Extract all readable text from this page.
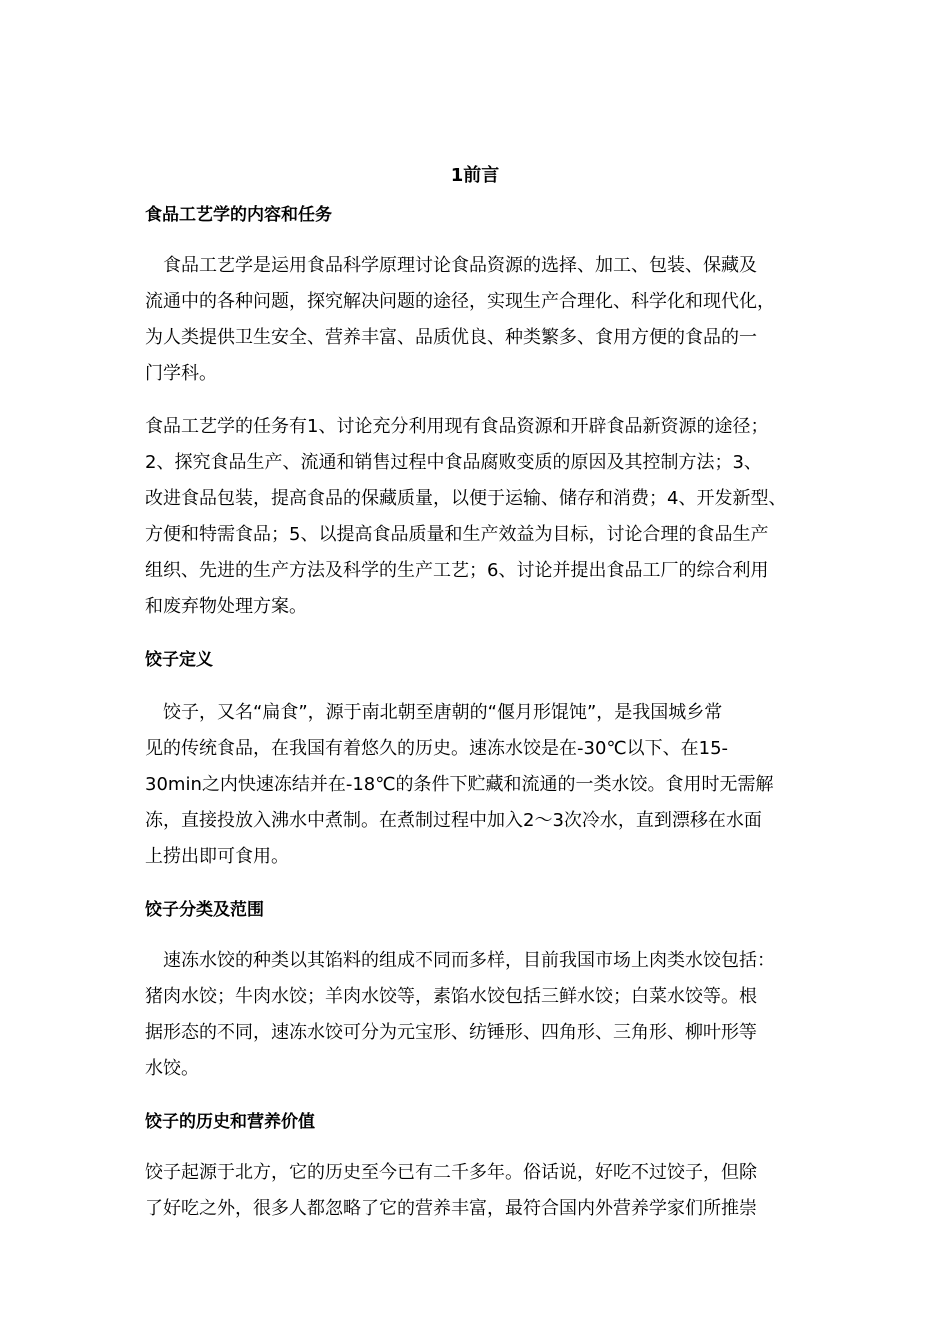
1前言
食品工艺学的内容和任务
食品工艺学是运用食品科学原理讨论食品资源的选择、加工、包装、保藏及
流通中的各种问题，探究解决问题的途径，实现生产合理化、科学化和现代化，
为人类提供卫生安全、营养丰富、品质优良、种类繁多、食用方便的食品的一
门学科。
食品工艺学的任务有1、讨论充分利用现有食品资源和开辟食品新资源的途径；
2、探究食品生产、流通和销售过程中食品腐败变质的原因及其控制方法；3、
改进食品包装，提高食品的保藏质量，以便于运输、储存和消费；4、开发新型、
方便和特需食品；5、以提高食品质量和生产效益为目标，讨论合理的食品生产
组织、先进的生产方法及科学的生产工艺；6、讨论并提出食品工厂的综合利用
和废弃物处理方案。
饺子定义
饺子，又名“扁食”，源于南北朝至唐朝的“偃月形馄饨”，是我国城乡常
见的传统食品，在我国有着悠久的历史。速冻水饺是在-30℃以下、在15-
30min之内快速冻结并在-18℃的条件下贮藏和流通的一类水饺。食用时无需解
冻，直接投放入沸水中煮制。在煮制过程中加入2～3次冷水，直到漂移在水面
上捞出即可食用。
饺子分类及范围
速冻水饺的种类以其馅料的组成不同而多样，目前我国市场上肉类水饺包括：
猪肉水饺；牛肉水饺；羊肉水饺等，素馅水饺包括三鲜水饺；白菜水饺等。根
据形态的不同，速冻水饺可分为元宝形、纺锤形、四角形、三角形、柳叶形等
水饺。
饺子的历史和营养价值
饺子起源于北方，它的历史至今已有二千多年。俗话说，好吃不过饺子，但除
了好吃之外，很多人都忽略了它的营养丰富，最符合国内外营养学家们所推崇
